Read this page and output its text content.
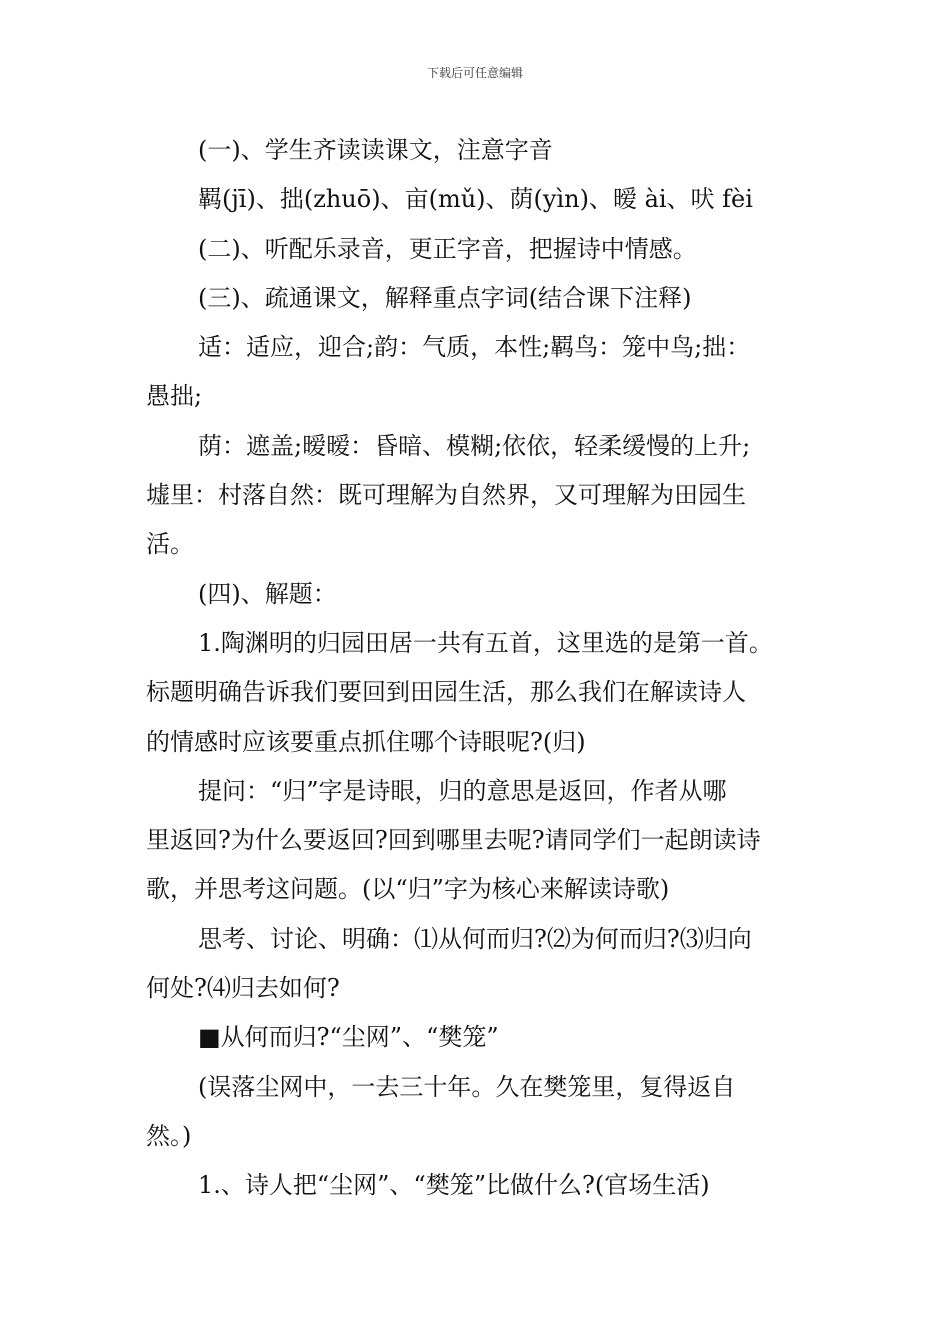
下载后可任意编辑
(一)、学生齐读读课文，注意字音
羁(jī)、拙(zhuō)、亩(mǔ)、荫(yìn)、暧 ài、吠 fèi
(二)、听配乐录音，更正字音，把握诗中情感。
(三)、疏通课文，解释重点字词(结合课下注释)
适：适应，迎合;韵：气质，本性;羁鸟：笼中鸟;拙：
愚拙;
荫：遮盖;暧暧：昏暗、模糊;依依，轻柔缓慢的上升;
墟里：村落自然：既可理解为自然界，又可理解为田园生
活。
(四)、解题：
1.陶渊明的归园田居一共有五首，这里选的是第一首。
标题明确告诉我们要回到田园生活，那么我们在解读诗人
的情感时应该要重点抓住哪个诗眼呢?(归)
提问：“归”字是诗眼，归的意思是返回，作者从哪
里返回?为什么要返回?回到哪里去呢?请同学们一起朗读诗
歌，并思考这问题。(以“归”字为核心来解读诗歌)
思考、讨论、明确：⑴从何而归?⑵为何而归?⑶归向
何处?⑷归去如何?
■从何而归?“尘网”、“樊笼”
(误落尘网中，一去三十年。久在樊笼里，复得返自
然。)
1.、诗人把“尘网”、“樊笼”比做什么?(官场生活)
